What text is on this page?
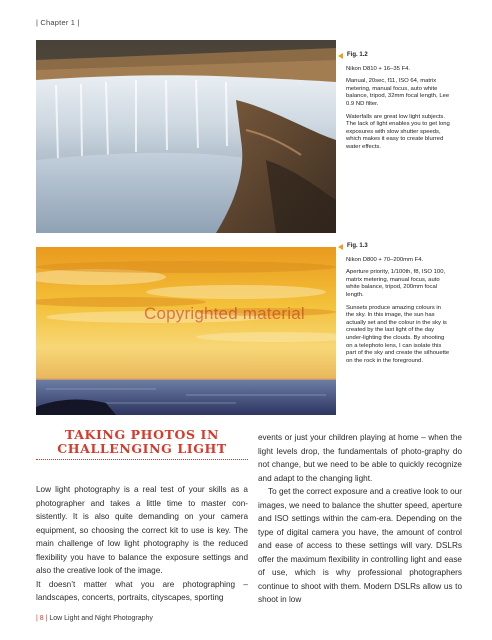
| Chapter 1 |
Fig. 1.2

Nikon D810 + 16–35 F4.

Manual, 20sec, f11, ISO 64, matrix metering, manual focus, auto white balance, tripod, 32mm focal length, Lee 0.9 ND filter.

Waterfalls are great low light subjects. The lack of light enables you to get long exposures with slow shutter speeds, which makes it easy to create blurred water effects.

Copyrighted material
Fig. 1.3

Nikon D800 + 70–200mm F4.

Aperture priority, 1/100th, f8, ISO 100, matrix metering, manual focus, auto white balance, tripod, 200mm focal length.

Sunsets produce amazing colours in the sky. In this image, the sun has actually set and the colour in the sky is created by the last light of the day under-lighting the clouds. By shooting on a telephoto lens, I can isolate this part of the sky and create the silhouette on the rock in the foreground.

TAKING PHOTOS IN
CHALLENGING LIGHT

Low light photography is a real test of your skills as a photographer and takes a little time to master con-sistently. It is also quite demanding on your camera equipment, so choosing the correct kit to use is key. The main challenge of low light photography is the reduced flexibility you have to balance the exposure settings and also the creative look of the image.

It doesn’t matter what you are photographing – landscapes, concerts, portraits, cityscapes, sporting

events or just your children playing at home – when the light levels drop, the fundamentals of photo-graphy do not change, but we need to be able to quickly recognize and adapt to the changing light.

To get the correct exposure and a creative look to our images, we need to balance the shutter speed, aperture and ISO settings within the cam-era. Depending on the type of digital camera you have, the amount of control and ease of access to these settings will vary. DSLRs offer the maximum flexibility in controlling light and ease of use, which is why professional photographers continue to shoot with them. Modern DSLRs allow us to shoot in low

| 8 | Low Light and Night Photography
